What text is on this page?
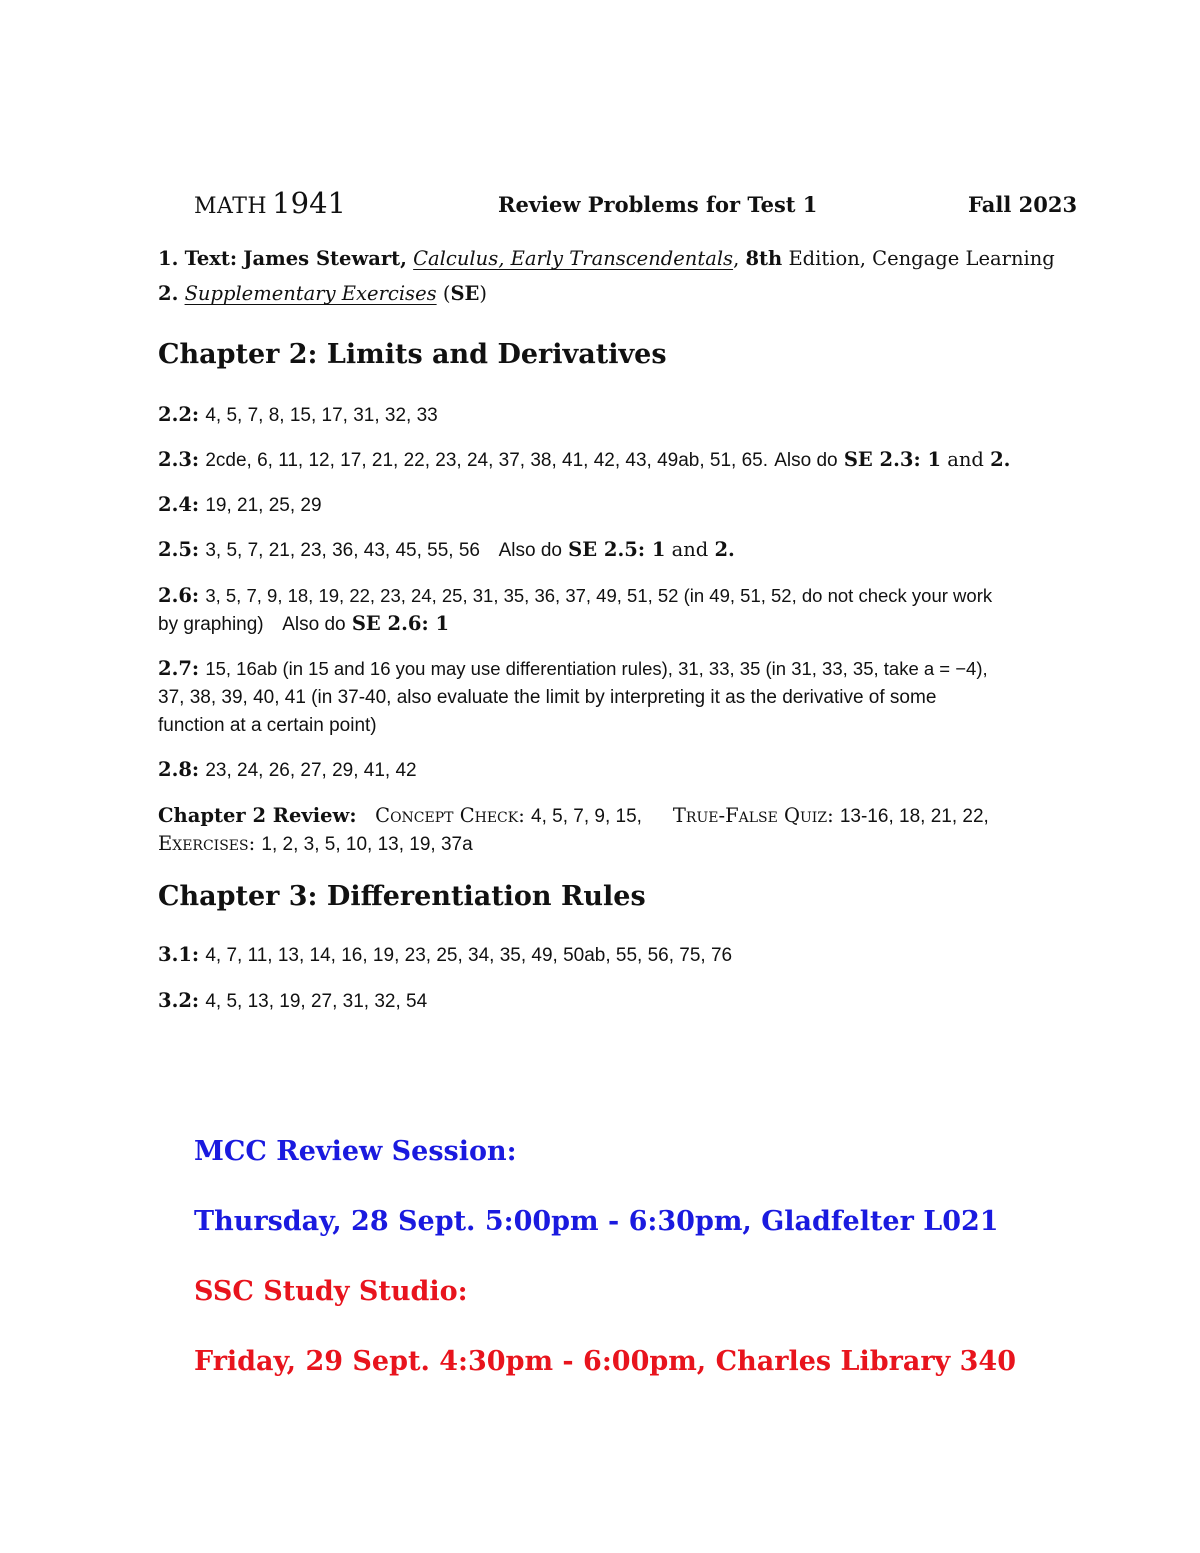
MATH 1941	Review Problems for Test 1	Fall 2023
1. Text: James Stewart, Calculus, Early Transcendentals, 8th Edition, Cengage Learning
2. Supplementary Exercises (SE)
Chapter 2: Limits and Derivatives
2.2: 4, 5, 7, 8, 15, 17, 31, 32, 33
2.3: 2cde, 6, 11, 12, 17, 21, 22, 23, 24, 37, 38, 41, 42, 43, 49ab, 51, 65. Also do SE 2.3: 1 and 2.
2.4: 19, 21, 25, 29
2.5: 3, 5, 7, 21, 23, 36, 43, 45, 55, 56 Also do SE 2.5: 1 and 2.
2.6: 3, 5, 7, 9, 18, 19, 22, 23, 24, 25, 31, 35, 36, 37, 49, 51, 52 (in 49, 51, 52, do not check your work
by graphing) Also do SE 2.6: 1
2.7: 15, 16ab (in 15 and 16 you may use differentiation rules), 31, 33, 35 (in 31, 33, 35, take a = −4),
37, 38, 39, 40, 41 (in 37-40, also evaluate the limit by interpreting it as the derivative of some
function at a certain point)
2.8: 23, 24, 26, 27, 29, 41, 42
Chapter 2 Review: Concept Check: 4, 5, 7, 9, 15, True-False Quiz: 13-16, 18, 21, 22,
Exercises: 1, 2, 3, 5, 10, 13, 19, 37a
Chapter 3: Differentiation Rules
3.1: 4, 7, 11, 13, 14, 16, 19, 23, 25, 34, 35, 49, 50ab, 55, 56, 75, 76
3.2: 4, 5, 13, 19, 27, 31, 32, 54
MCC Review Session:
Thursday, 28 Sept. 5:00pm - 6:30pm, Gladfelter L021
SSC Study Studio:
Friday, 29 Sept. 4:30pm - 6:00pm, Charles Library 340
